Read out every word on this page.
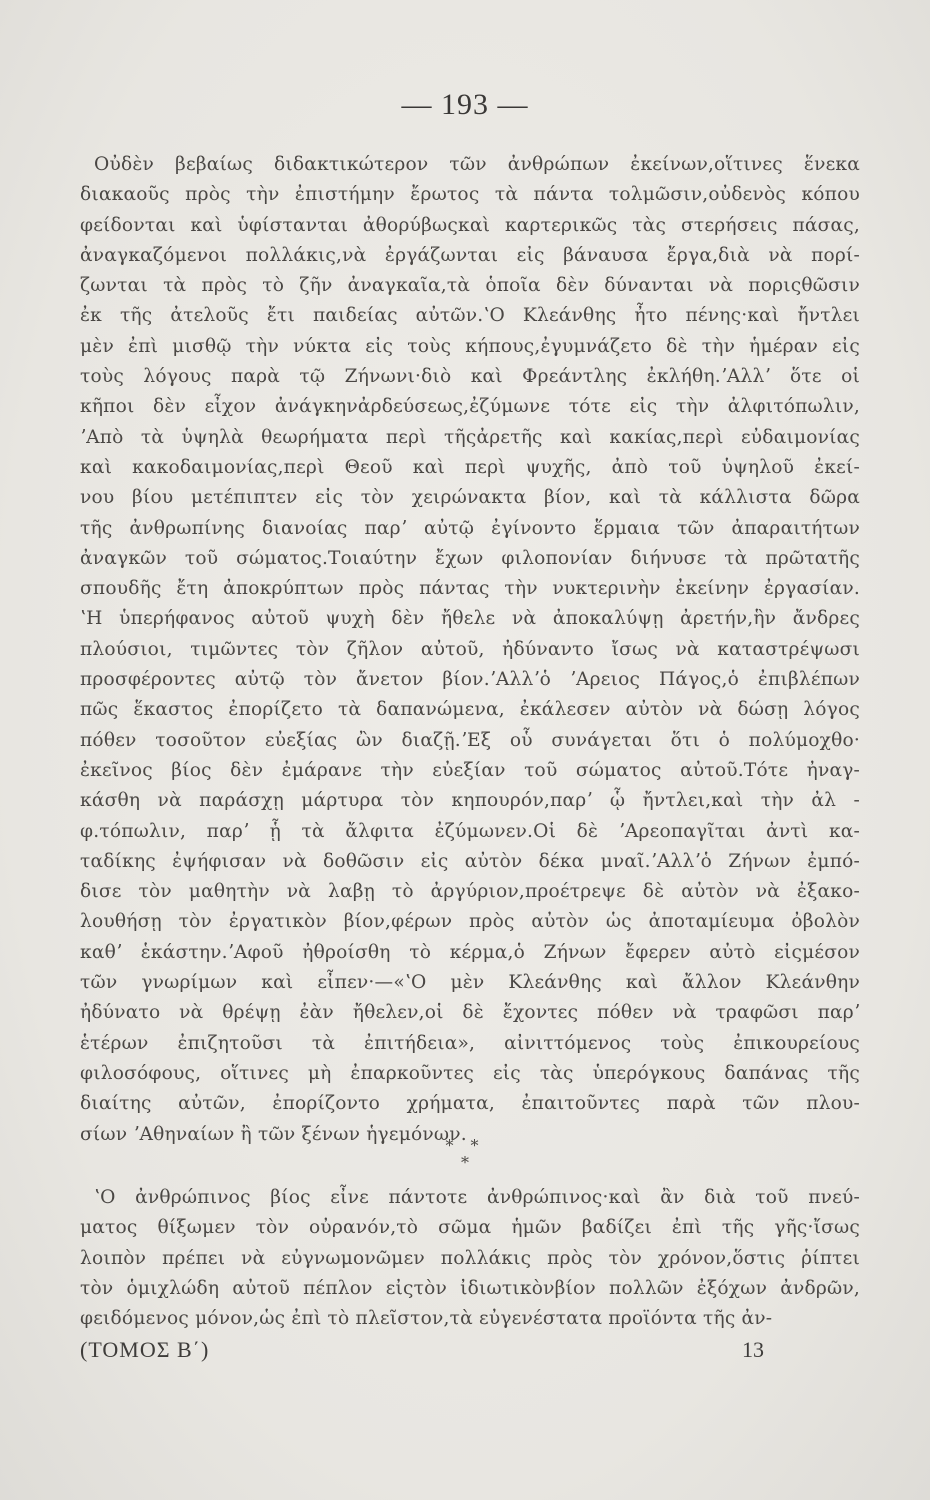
— 193 —
Οὐδὲν βεβαίως διδακτικώτερον τῶν ἀνθρώπων ἐκείνων,οἵτινες ἕνεκα
διακαοῦς πρὸς τὴν ἐπιστήμην ἔρωτος τὰ πάντα τολμῶσιν,οὐδενὸς κόπου
φείδονται καὶ ὑφίστανται ἀθορύβωςκαὶ καρτερικῶς τὰς στερήσεις πάσας,
ἀναγκαζόμενοι πολλάκις,νὰ ἐργάζωνται εἰς βάναυσα ἔργα,διὰ νὰ πορί-
ζωνται τὰ πρὸς τὸ ζῆν ἀναγκαῖα,τὰ ὁποῖα δὲν δύνανται νὰ ποριςθῶσιν
ἐκ τῆς ἀτελοῦς ἔτι παιδείας αὐτῶν.ʽΟ Κλεάνθης ἦτο πένης·καὶ ἤντλει
μὲν ἐπὶ μισθῷ τὴν νύκτα εἰς τοὺς κήπους,ἐγυμνάζετο δὲ τὴν ἡμέραν εἰς
τοὺς λόγους παρὰ τῷ Ζήνωνι·διὸ καὶ Φρεάντλης ἐκλήθη.ʼΑλλʼ ὅτε οἱ
κῆποι δὲν εἶχον ἀνάγκηνἀρδεύσεως,ἐζύμωνε τότε εἰς τὴν ἀλφιτόπωλιν,
ʼΑπὸ τὰ ὑψηλὰ θεωρήματα περὶ τῆςἀρετῆς καὶ κακίας,περὶ εὐδαιμονίας
καὶ κακοδαιμονίας,περὶ Θεοῦ καὶ περὶ ψυχῆς, ἀπὸ τοῦ ὑψηλοῦ ἐκεί-
νου βίου μετέπιπτεν εἰς τὸν χειρώνακτα βίον, καὶ τὰ κάλλιστα δῶρα
τῆς ἀνθρωπίνης διανοίας παρʼ αὐτῷ ἐγίνοντο ἕρμαια τῶν ἀπαραιτήτων
ἀναγκῶν τοῦ σώματος.Τοιαύτην ἔχων φιλοπονίαν διήνυσε τὰ πρῶτατῆς
σπουδῆς ἔτη ἀποκρύπτων πρὸς πάντας τὴν νυκτερινὴν ἐκείνην ἐργασίαν.
ʽΗ ὑπερήφανος αὐτοῦ ψυχὴ δὲν ἤθελε νὰ ἀποκαλύψῃ ἀρετήν,ἣν ἄνδρες
πλούσιοι, τιμῶντες τὸν ζῆλον αὐτοῦ, ἠδύναντο ἴσως νὰ καταστρέψωσι
προσφέροντες αὐτῷ τὸν ἄνετον βίον.ʼΑλλʼὁ ʼΑρειος Πάγος,ὁ ἐπιβλέπων
πῶς ἕκαστος ἐπορίζετο τὰ δαπανώμενα, ἐκάλεσεν αὐτὸν νὰ δώσῃ λόγος
πόθεν τοσοῦτον εὐεξίας ὢν διαζῇ.ʼΕξ οὗ συνάγεται ὅτι ὁ πολύμοχθο·
ἐκεῖνος βίος δὲν ἐμάρανε τὴν εὐεξίαν τοῦ σώματος αὐτοῦ.Τότε ἠναγ-
κάσθη νὰ παράσχῃ μάρτυρα τὸν κηπουρόν,παρʼ ᾧ ἤντλει,καὶ τὴν ἀλ -
φ.τόπωλιν, παρʼ ᾗ τὰ ἄλφιτα ἐζύμωνεν.Οἱ δὲ ʼΑρεοπαγῖται ἀντὶ κα-
ταδίκης ἐψήφισαν νὰ δοθῶσιν εἰς αὐτὸν δέκα μναῖ.ʼΑλλʼὁ Ζήνων ἐμπό-
δισε τὸν μαθητὴν νὰ λαβῃ τὸ ἀργύριον,προέτρεψε δὲ αὐτὸν νὰ ἐξακο-
λουθήσῃ τὸν ἐργατικὸν βίον,φέρων πρὸς αὐτὸν ὡς ἀποταμίευμα ὀβολὸν
καθʼ ἑκάστην.ʼΑφοῦ ἠθροίσθη τὸ κέρμα,ὁ Ζήνων ἔφερεν αὐτὸ εἰςμέσον
τῶν γνωρίμων καὶ εἶπεν·—«ʽΟ μὲν Κλεάνθης καὶ ἄλλον Κλεάνθην
ἠδύνατο νὰ θρέψῃ ἐὰν ἤθελεν,οἱ δὲ ἔχοντες πόθεν νὰ τραφῶσι παρʼ
ἑτέρων ἐπιζητοῦσι τὰ ἐπιτήδεια», αἰνιττόμενος τοὺς ἐπικουρείους
φιλοσόφους, οἵτινες μὴ ἐπαρκοῦντες εἰς τὰς ὑπερόγκους δαπάνας τῆς
διαίτης αὐτῶν, ἐπορίζοντο χρήματα, ἐπαιτοῦντες παρὰ τῶν πλου-
σίων ʼΑθηναίων ἢ τῶν ξένων ἡγεμόνων.
* *
*
ʽΟ ἀνθρώπινος βίος εἶνε πάντοτε ἀνθρώπινος·καὶ ἂν διὰ τοῦ πνεύ-
ματος θίξωμεν τὸν οὐρανόν,τὸ σῶμα ἡμῶν βαδίζει ἐπὶ τῆς γῆς·ἴσως
λοιπὸν πρέπει νὰ εὐγνωμονῶμεν πολλάκις πρὸς τὸν χρόνον,ὅστις ῥίπτει
τὸν ὁμιχλώδη αὐτοῦ πέπλον εἰςτὸν ἰδιωτικὸνβίον πολλῶν ἐξόχων ἀνδρῶν,
φειδόμενος μόνον,ὡς ἐπὶ τὸ πλεῖστον,τὰ εὐγενέστατα προϊόντα τῆς ἀν-
(ΤΟΜΟΣ Β΄)	13
